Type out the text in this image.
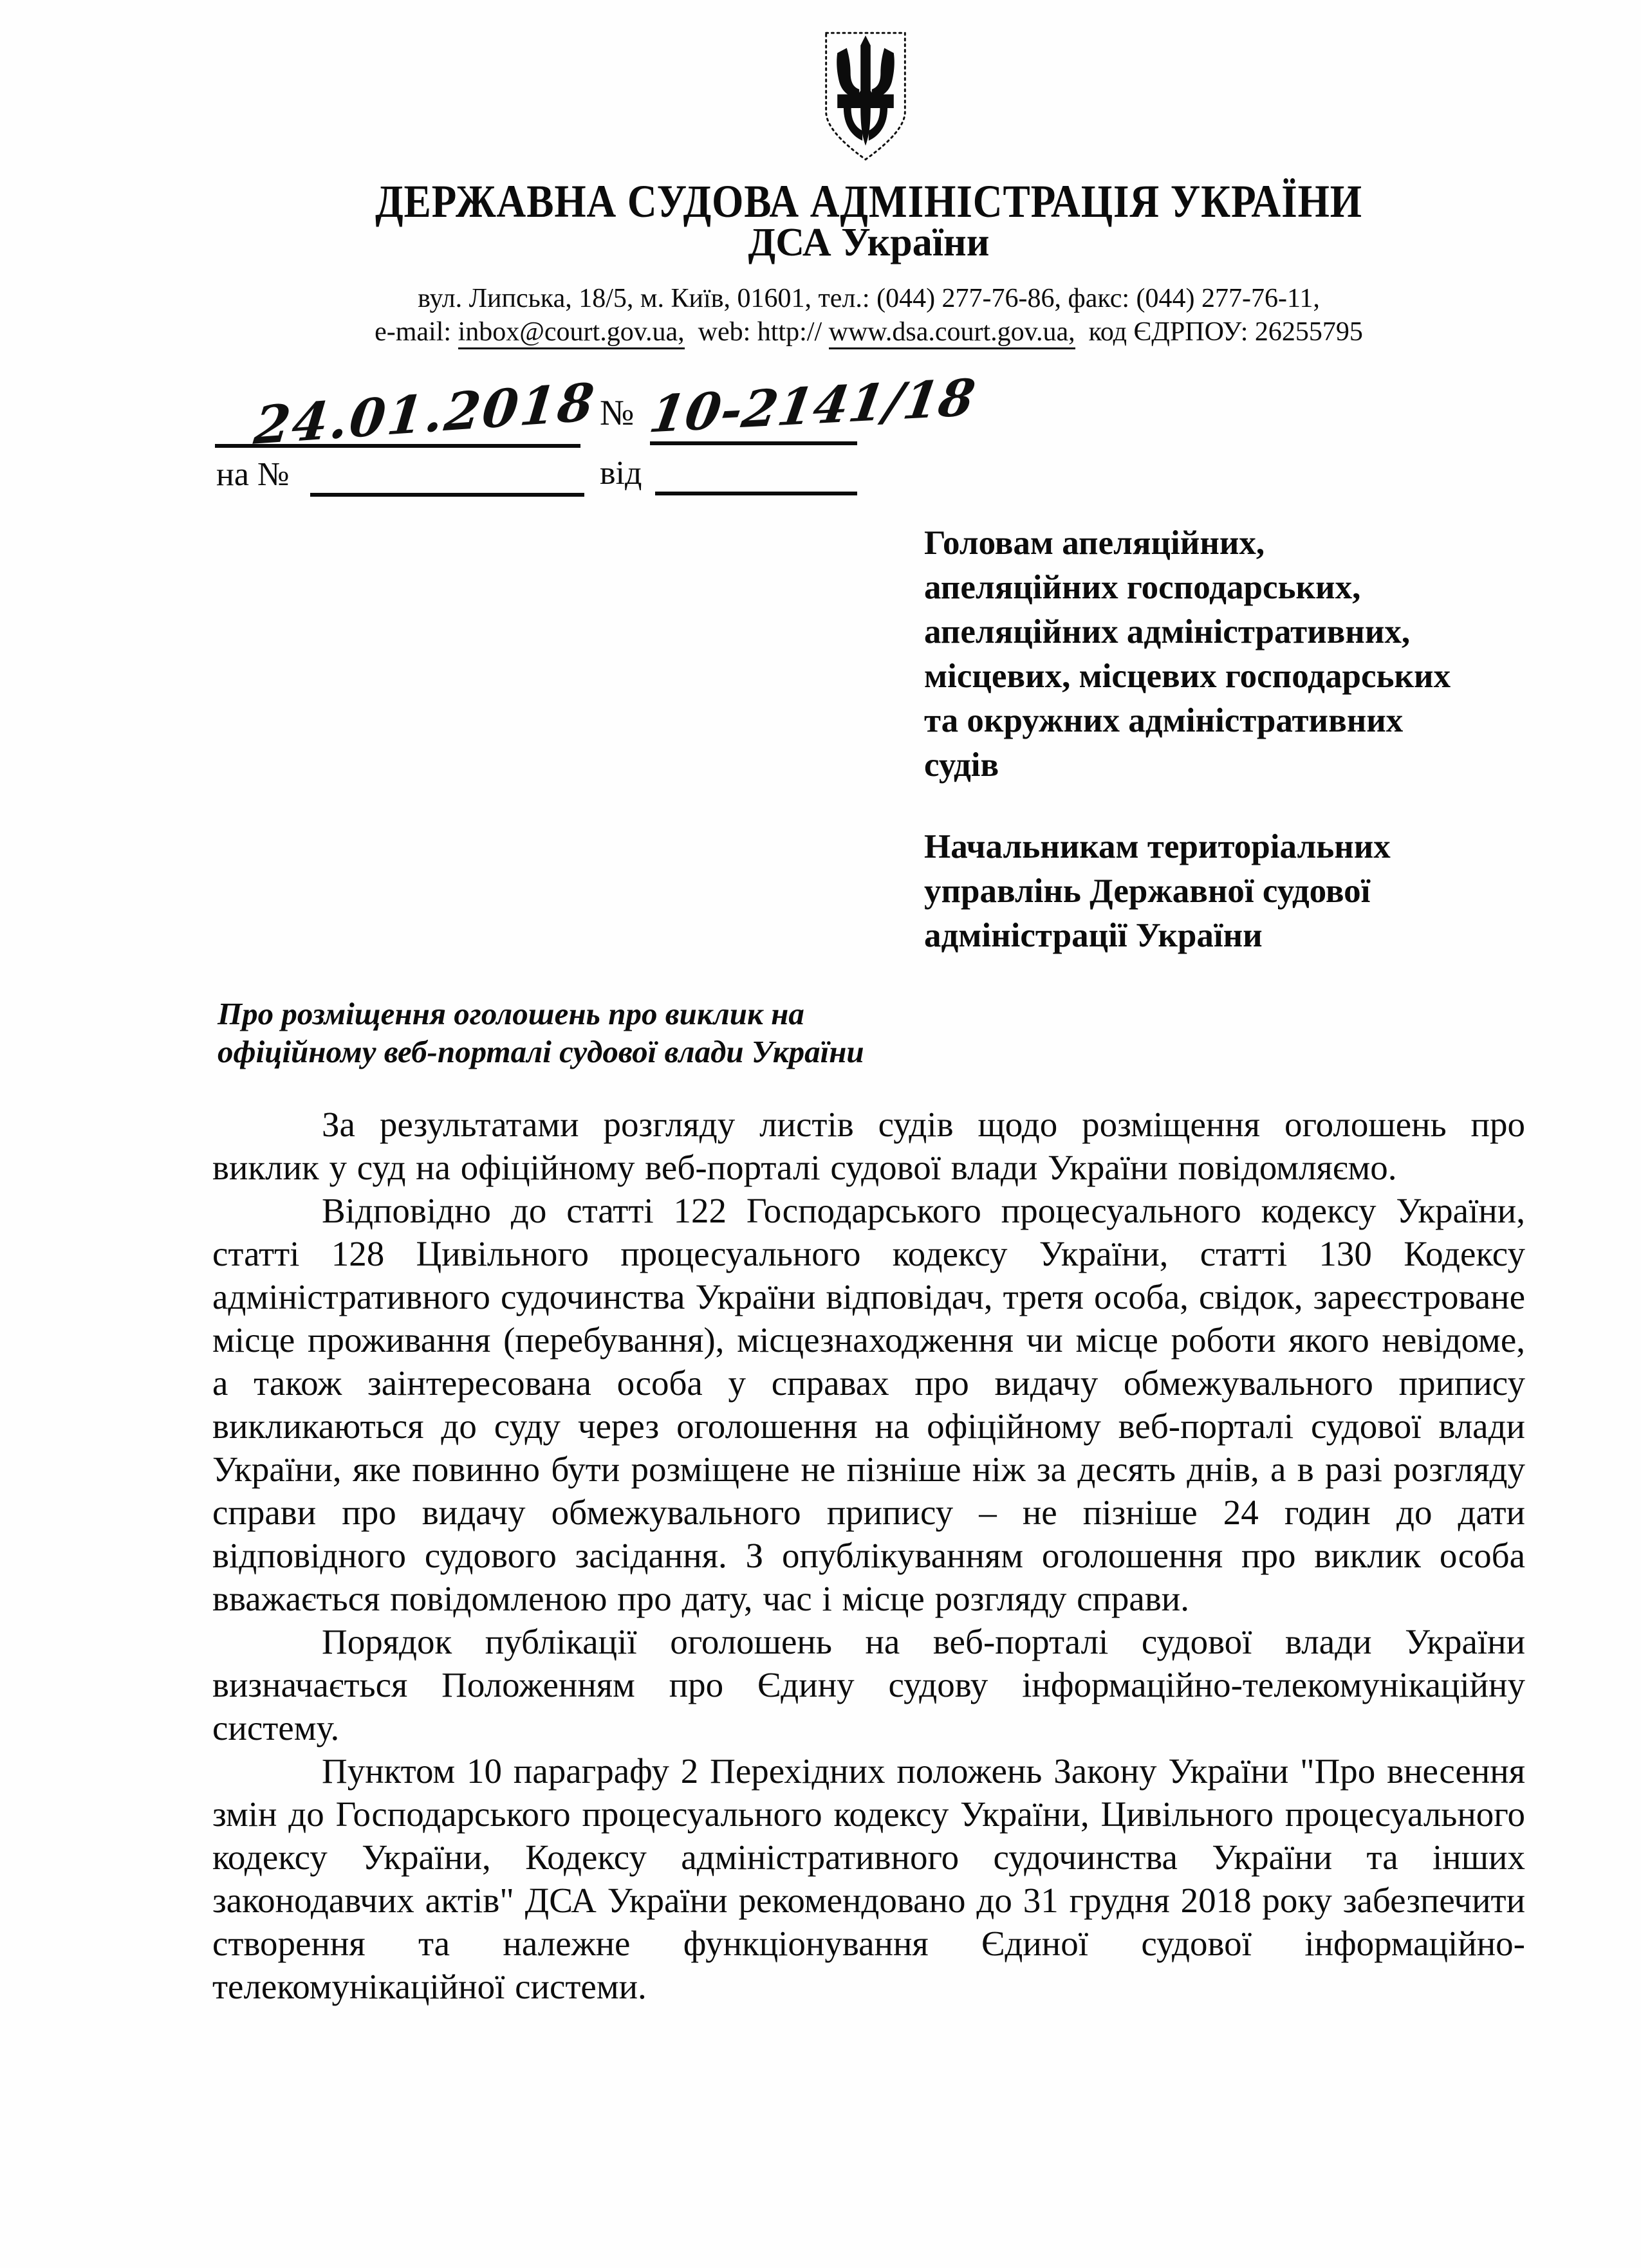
ДЕРЖАВНА СУДОВА АДМІНІСТРАЦІЯ УКРАЇНИ
ДСА України
вул. Липська, 18/5, м. Київ, 01601, тел.: (044) 277-76-86, факс: (044) 277-76-11,
e-mail: inbox@court.gov.ua,  web: http:// www.dsa.court.gov.ua,  код ЄДРПОУ: 26255795
24.01.2018 № 10-2141/18
на №	від
Головам апеляційних,
апеляційних господарських,
апеляційних адміністративних,
місцевих, місцевих господарських
та окружних адміністративних
судів
Начальникам територіальних
управлінь Державної судової
адміністрації України
Про розміщення оголошень про виклик на
офіційному веб-порталі судової влади України

За результатами розгляду листів судів щодо розміщення оголошень про виклик у суд на офіційному веб-порталі судової влади України повідомляємо.

Відповідно до статті 122 Господарського процесуального кодексу України, статті 128 Цивільного процесуального кодексу України, статті 130 Кодексу адміністративного судочинства України відповідач, третя особа, свідок, зареєстроване місце проживання (перебування), місцезнаходження чи місце роботи якого невідоме, а також заінтересована особа у справах про видачу обмежувального припису викликаються до суду через оголошення на офіційному веб-порталі судової влади України, яке повинно бути розміщене не пізніше ніж за десять днів, а в разі розгляду справи про видачу обмежувального припису – не пізніше 24 годин до дати відповідного судового засідання. З опублікуванням оголошення про виклик особа вважається повідомленою про дату, час і місце розгляду справи.

Порядок публікації оголошень на веб-порталі судової влади України визначається Положенням про Єдину судову інформаційно-телекомунікаційну систему.

Пунктом 10 параграфу 2 Перехідних положень Закону України "Про внесення змін до Господарського процесуального кодексу України, Цивільного процесуального кодексу України, Кодексу адміністративного судочинства України та інших законодавчих актів" ДСА України рекомендовано до 31 грудня 2018 року забезпечити створення та належне функціонування Єдиної судової інформаційно-телекомунікаційної системи.
